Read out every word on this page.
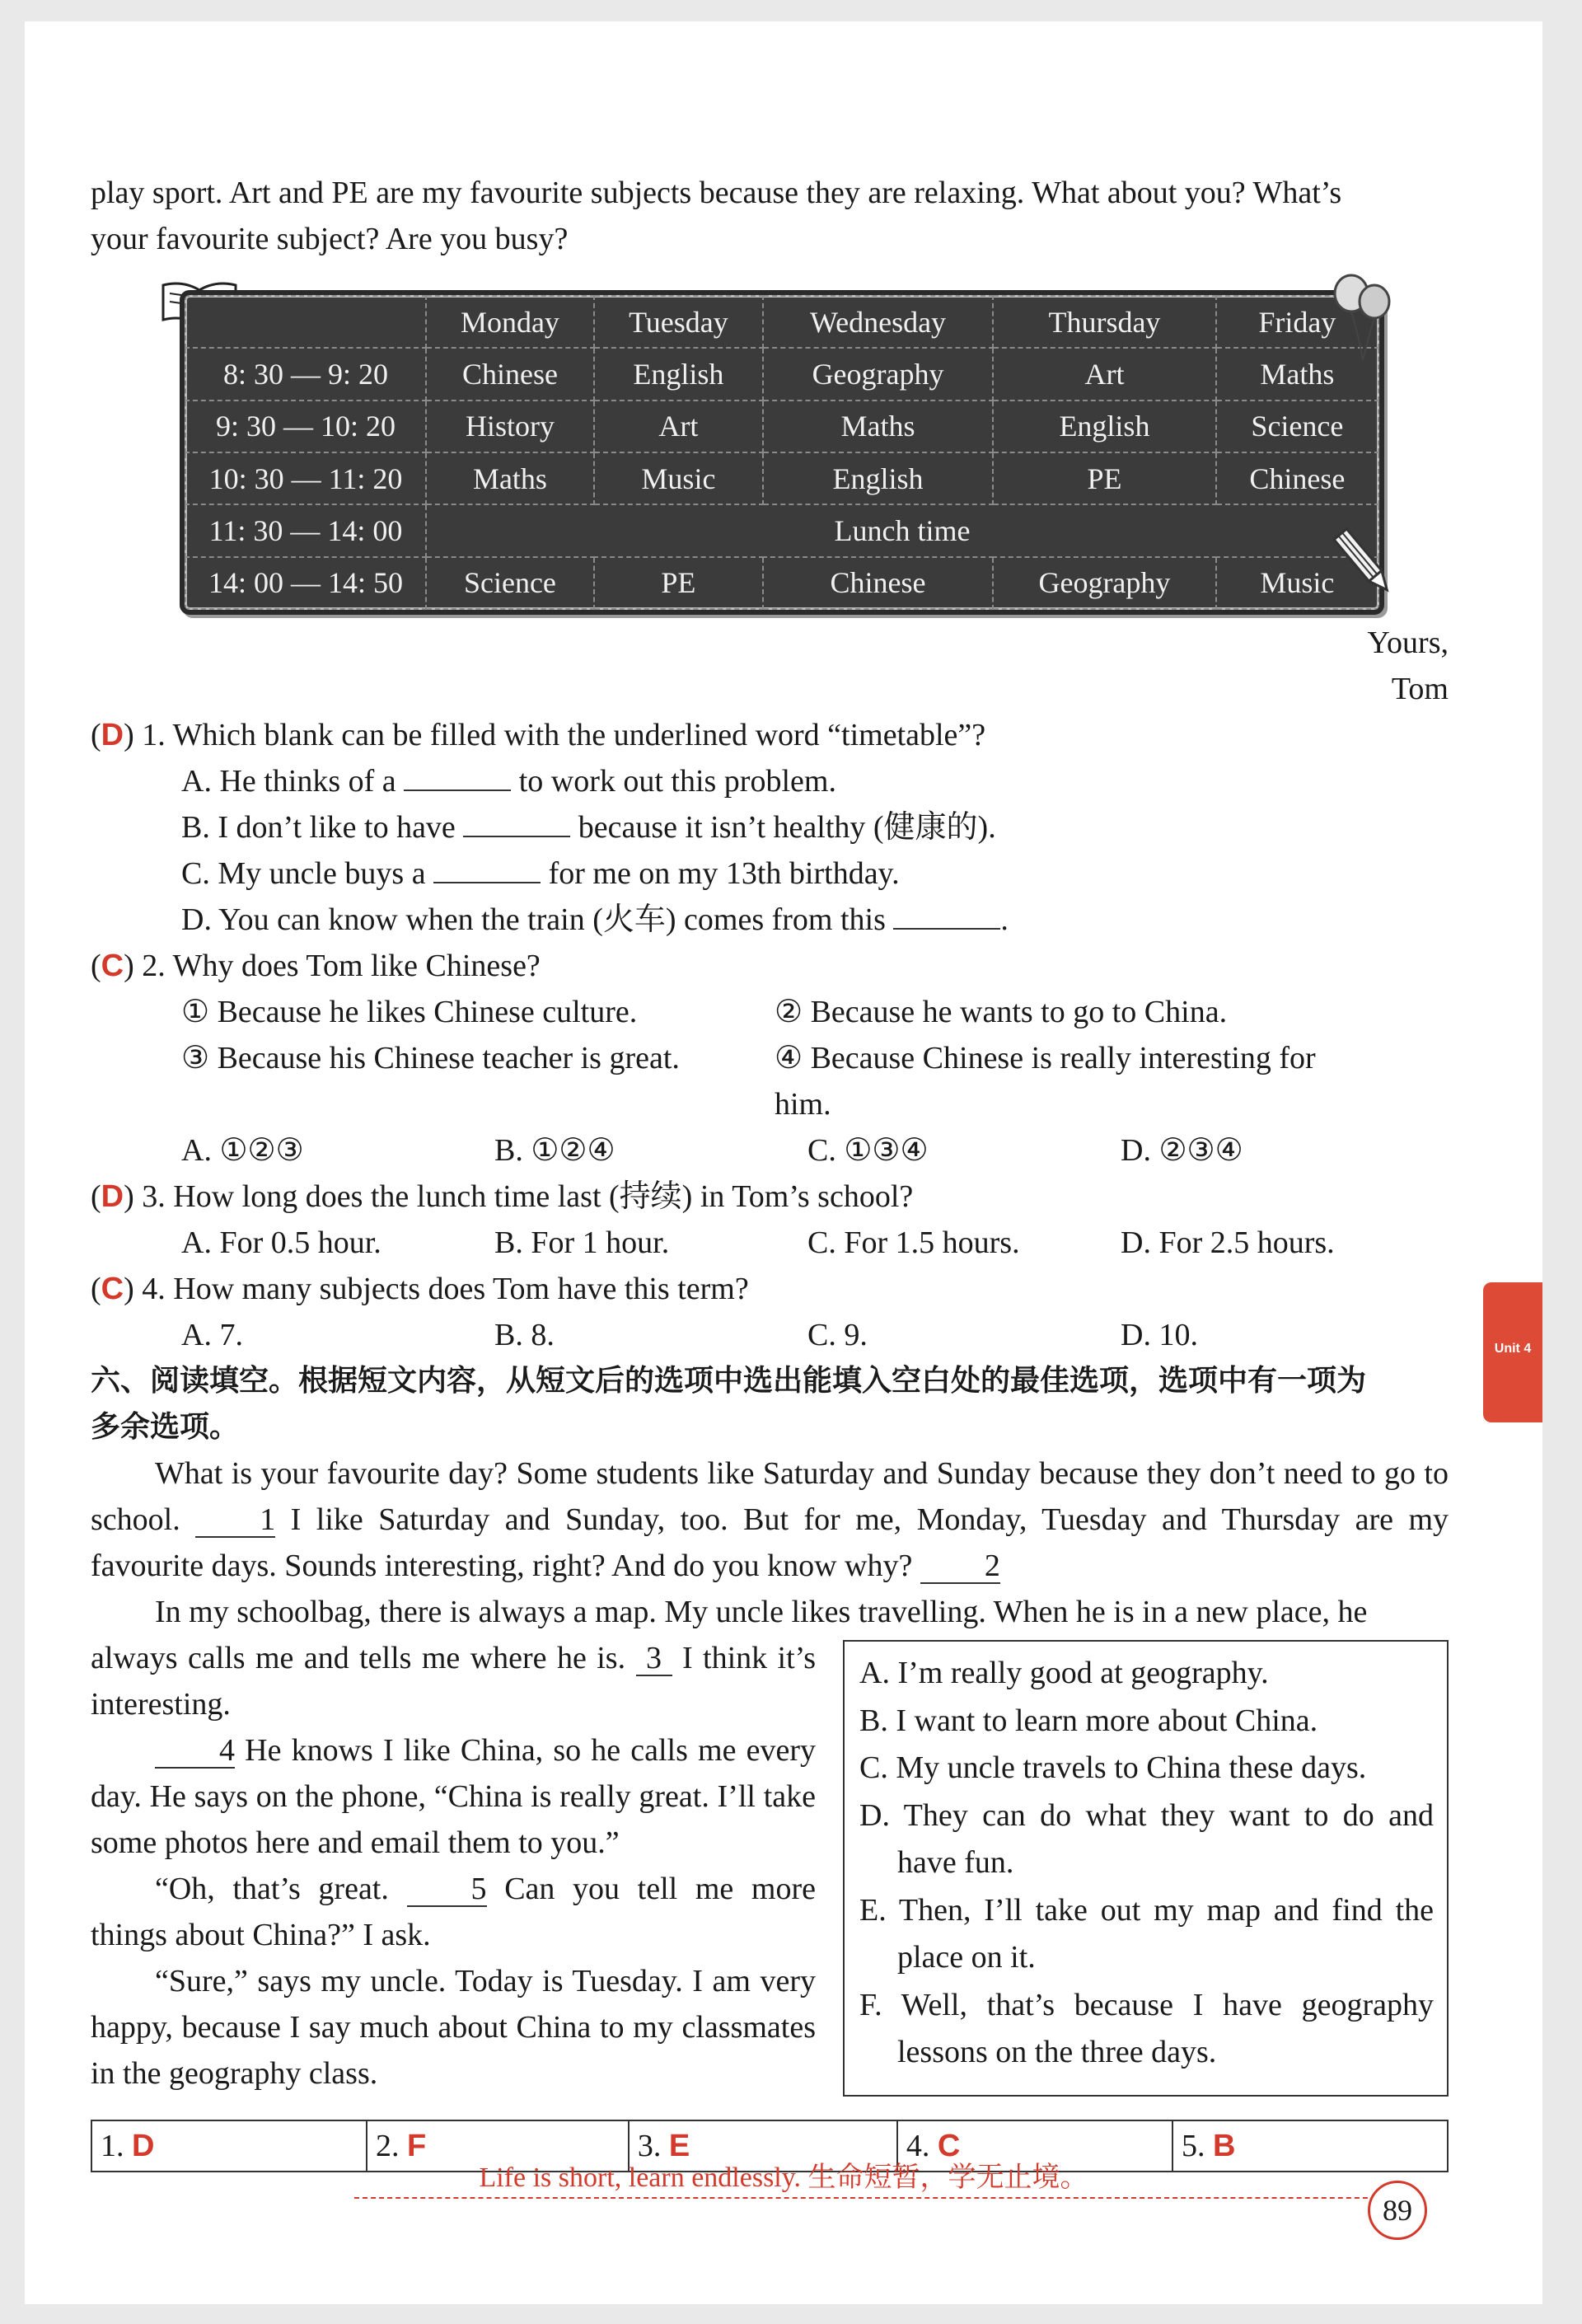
play sport. Art and PE are my favourite subjects because they are relaxing. What about you? What’s

your favourite subject? Are you busy?

	Monday	Tuesday	Wednesday	Thursday	Friday
8: 30 — 9: 20	Chinese	English	Geography	Art	Maths
9: 30 — 10: 20	History	Art	Maths	English	Science
10: 30 — 11: 20	Maths	Music	English	PE	Chinese
11: 30 — 14: 00	Lunch time				
14: 00 — 14: 50	Science	PE	Chinese	Geography	Music

Yours,

Tom

(D) 1. Which blank can be filled with the underlined word “timetable”?

A. He thinks of a	to work out this problem.

B. I don’t like to have	because it isn’t healthy (健康的).

C. My uncle buys a	for me on my 13th birthday.

D. You can know when the train (火车) comes from this	.

(C) 2. Why does Tom like Chinese?

① Because he likes Chinese culture.	② Because he wants to go to China.
③ Because his Chinese teacher is great.	④ Because Chinese is really interesting for him.
A. ①②③	B. ①②④	C. ①③④	D. ②③④

(D) 3. How long does the lunch time last (持续) in Tom’s school?

A. For 0.5 hour.	B. For 1 hour.	C. For 1.5 hours.	D. For 2.5 hours.

(C) 4. How many subjects does Tom have this term?

A. 7.	B. 8.	C. 9.	D. 10.

六、阅读填空。根据短文内容，从短文后的选项中选出能填入空白处的最佳选项，选项中有一项为

多余选项。

What is your favourite day? Some students like Saturday and Sunday because they don’t need to go to school.	1 I like Saturday and Sunday, too. But for me, Monday, Tuesday and Thursday are my favourite days. Sounds interesting, right? And do you know why? 2

In my schoolbag, there is always a map. My uncle likes travelling. When he is in a new place, he

always calls me and tells me where he is. 3 I think it’s interesting.

4 He knows I like China, so he calls me every day. He says on the phone, “China is really great. I’ll take some photos here and email them to you.”

“Oh, that’s great.	5 Can you tell me more things about China?” I ask.

“Sure,” says my uncle. Today is Tuesday. I am very happy, because I say much about China to my classmates in the geography class.

A. I’m really good at geography.

B. I want to learn more about China.

C. My uncle travels to China these days.

D. They can do what they want to do and have fun.

E. Then, I’ll take out my map and find the place on it.

F. Well, that’s because I have geography lessons on the three days.

1. D	2. F	3. E	4. C	5. B
Unit 4
Life is short, learn endlessly. 生命短暂，学无止境。
89
